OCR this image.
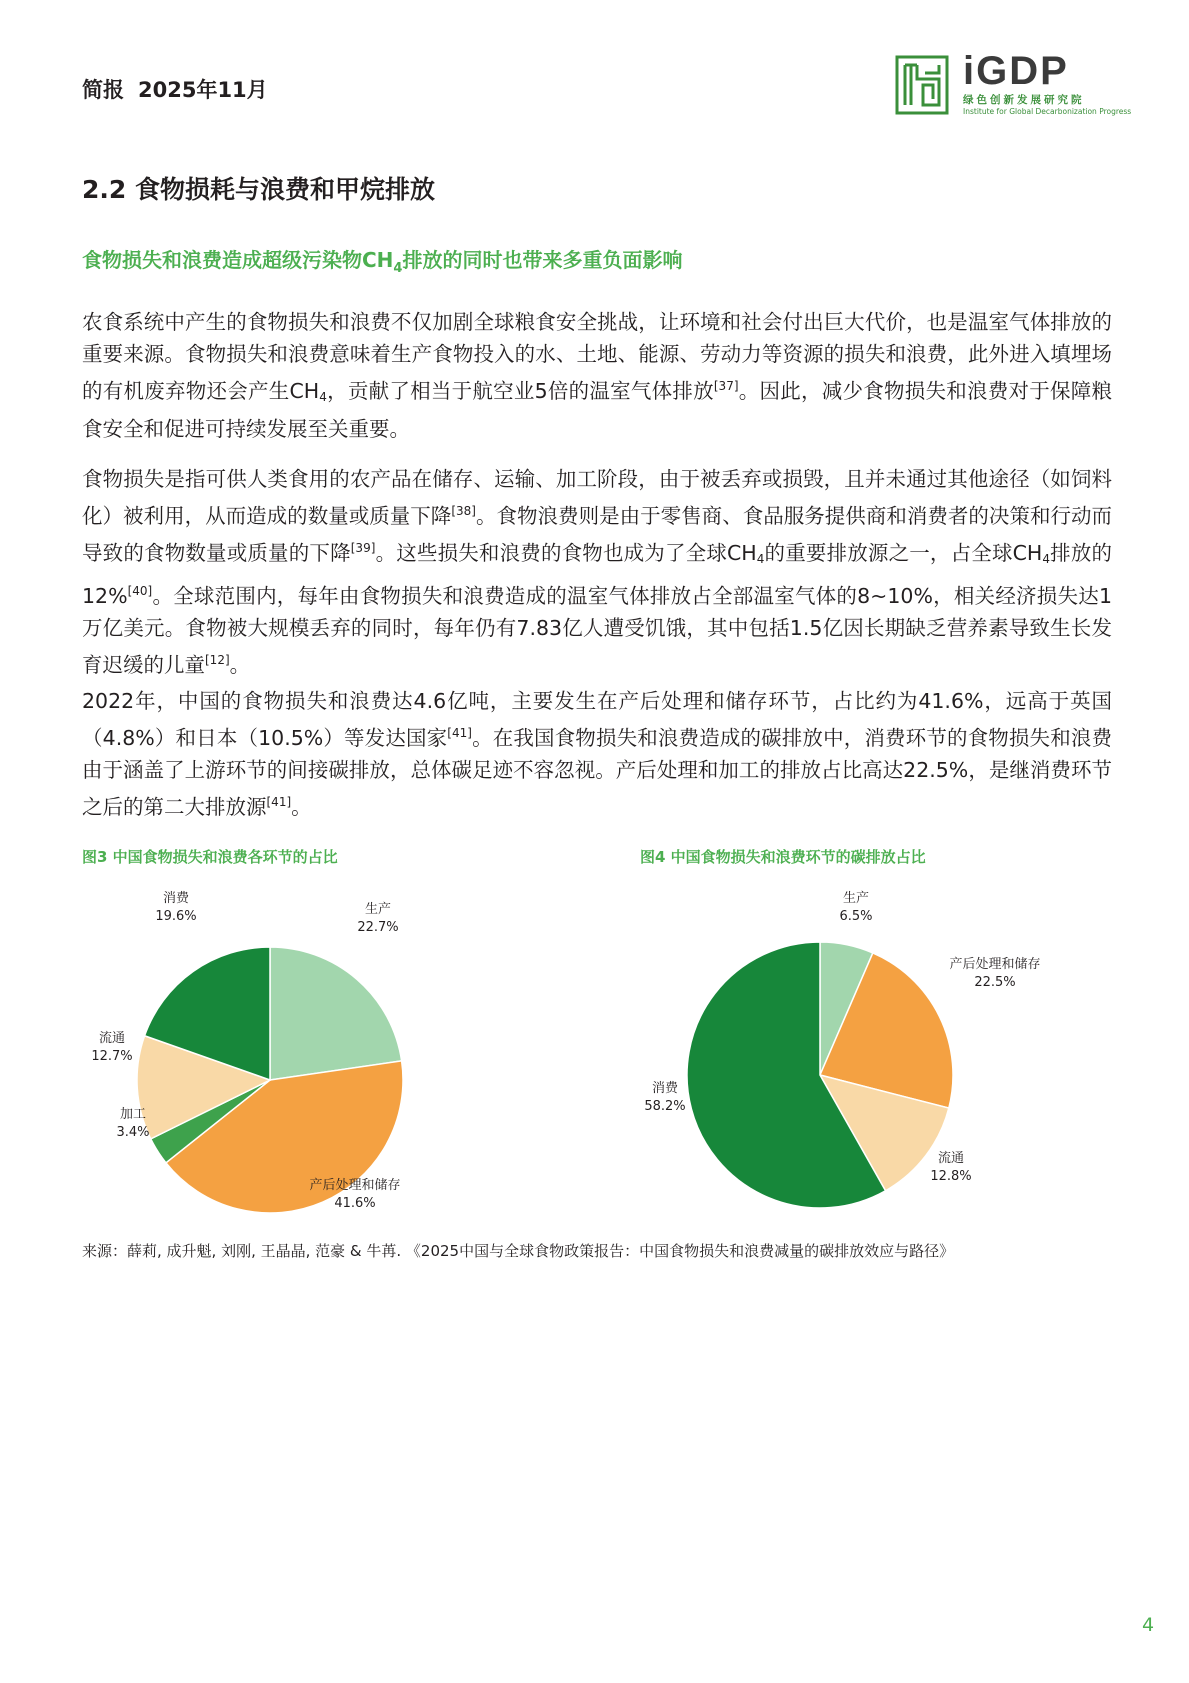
简报 2025年11月	iGDP
绿色创新发展研究院
Institute for Global Decarbonization Progress
2.2 食物损耗与浪费和甲烷排放
食物损失和浪费造成超级污染物$CH_4$排放的同时也带来多重负面影响
农食系统中产生的食物损失和浪费不仅加剧全球粮食安全挑战，让环境和社会付出巨大代价，也是温室气体排放的重要来源。食物损失和浪费意味着生产食物投入的水、土地、能源、劳动力等资源的损失和浪费，此外进入填埋场的有机废弃物还会产生$CH_4$，贡献了相当于航空业5倍的温室气体排放[37]。因此，减少食物损失和浪费对于保障粮食安全和促进可持续发展至关重要。
食物损失是指可供人类食用的农产品在储存、运输、加工阶段，由于被丢弃或损毁，且并未通过其他途径（如饲料化）被利用，从而造成的数量或质量下降[38]。食物浪费则是由于零售商、食品服务提供商和消费者的决策和行动而导致的食物数量或质量的下降[39]。这些损失和浪费的食物也成为了全球$CH_4$的重要排放源之一，占全球$CH_4$排放的12%[40]。全球范围内，每年由食物损失和浪费造成的温室气体排放占全部温室气体的8~10%，相关经济损失达1万亿美元。食物被大规模丢弃的同时，每年仍有7.83亿人遭受饥饿，其中包括1.5亿因长期缺乏营养素导致生长发育迟缓的儿童[12]。
2022年，中国的食物损失和浪费达4.6亿吨，主要发生在产后处理和储存环节，占比约为41.6%，远高于英国（4.8%）和日本（10.5%）等发达国家[41]。在我国食物损失和浪费造成的碳排放中，消费环节的食物损失和浪费由于涵盖了上游环节的间接碳排放，总体碳足迹不容忽视。产后处理和加工的排放占比高达22.5%，是继消费环节之后的第二大排放源[41]。
图3 中国食物损失和浪费各环节的占比	图4 中国食物损失和浪费环节的碳排放占比
生产
22.7%
产后处理和储存
41.6%
加工
3.4%
流通
12.7%
消费
19.6%
生产
6.5%
产后处理和储存
22.5%
流通
12.8%
消费
58.2%
来源：薛莉, 成升魁, 刘刚, 王晶晶, 范豪 & 牛苒. 《2025中国与全球食物政策报告：中国食物损失和浪费减量的碳排放效应与路径》
4
